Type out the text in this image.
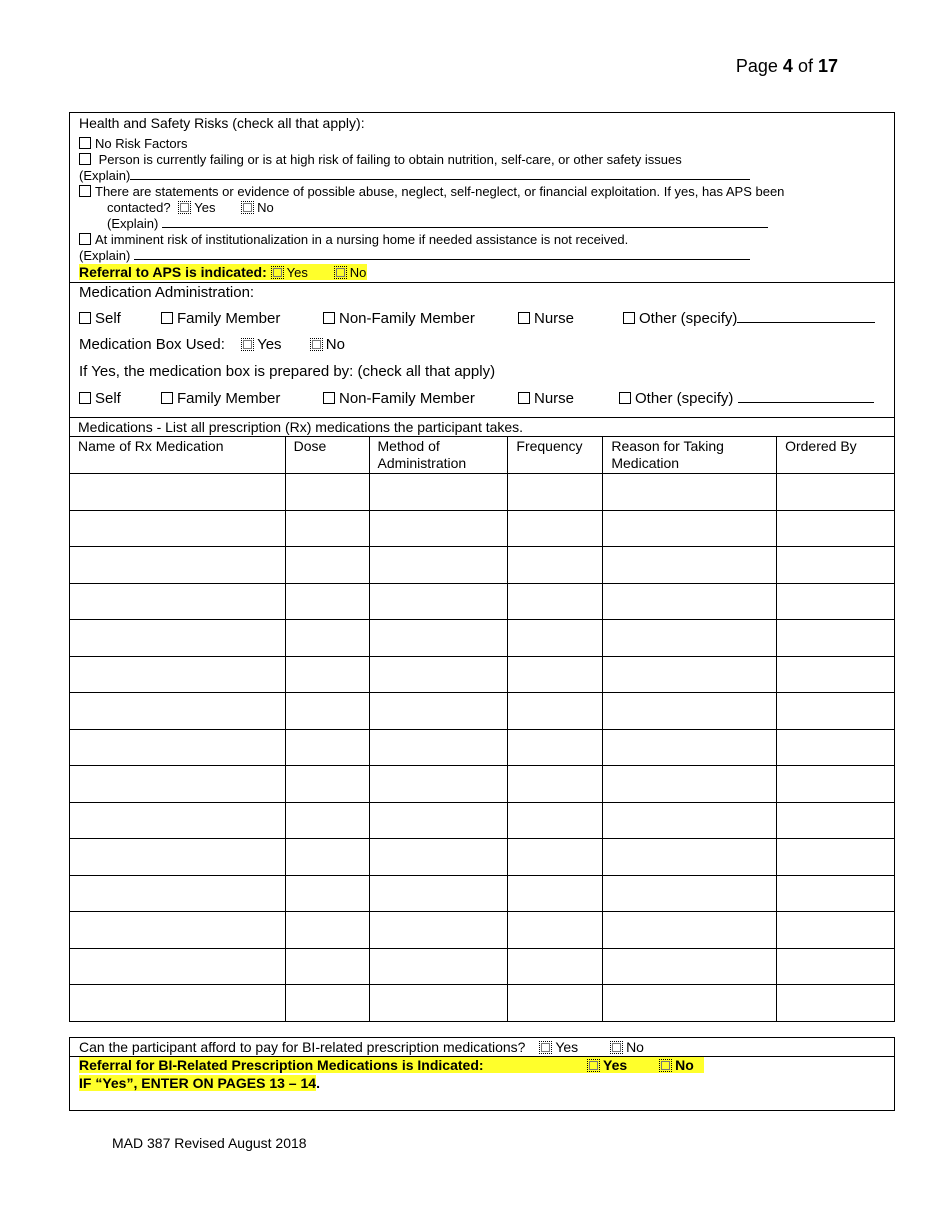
Page 4 of 17
Health and Safety Risks (check all that apply):
No Risk Factors
Person is currently failing or is at high risk of failing to obtain nutrition, self-care, or other safety issues
(Explain)
There are statements or evidence of possible abuse, neglect, self-neglect, or financial exploitation. If yes, has APS been
contacted? Yes	No
(Explain)
At imminent risk of institutionalization in a nursing home if needed assistance is not received.
(Explain)
Referral to APS is indicated: Yes	No
Medication Administration:
Self	Family Member	Non-Family Member	Nurse	Other (specify)
Medication Box Used: Yes	No
If Yes, the medication box is prepared by: (check all that apply)
Self	Family Member	Non-Family Member	Nurse	Other (specify)
Medications - List all prescription (Rx) medications the participant takes.					
Name of Rx Medication	Dose	Method of Administration	Frequency	Reason for Taking Medication	Ordered By

Can the participant afford to pay for BI-related prescription medications? Yes	No
Referral for BI-Related Prescription Medications is Indicated:	Yes	No
IF “Yes”, ENTER ON PAGES 13 – 14.
MAD 387 Revised August 2018
